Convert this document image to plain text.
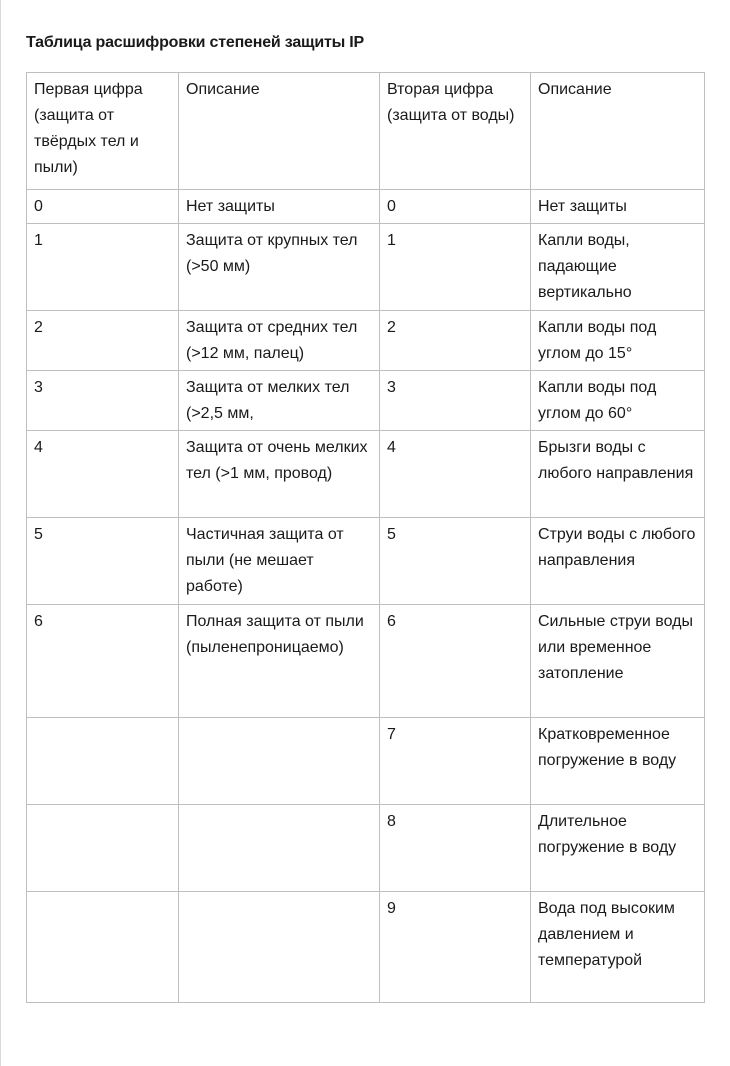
Таблица расшифровки степеней защиты IP
Первая цифра (защита от твёрдых тел и пыли)	Описание	Вторая цифра (защита от воды)	Описание
0	Нет защиты	0	Нет защиты
1	Защита от крупных тел (>50 мм)	1	Капли воды, падающие вертикально
2	Защита от средних тел (>12 мм, палец)	2	Капли воды под углом до 15°
3	Защита от мелких тел (>2,5 мм,	3	Капли воды под углом до 60°
4	Защита от очень мелких тел (>1 мм, провод)	4	Брызги воды с любого направления
5	Частичная защита от пыли (не мешает работе)	5	Струи воды с любого направления
6	Полная защита от пыли (пыленепроницаемо)	6	Сильные струи воды или временное затопление
		7	Кратковременное погружение в воду
		8	Длительное погружение в воду
		9	Вода под высоким давлением и температурой
